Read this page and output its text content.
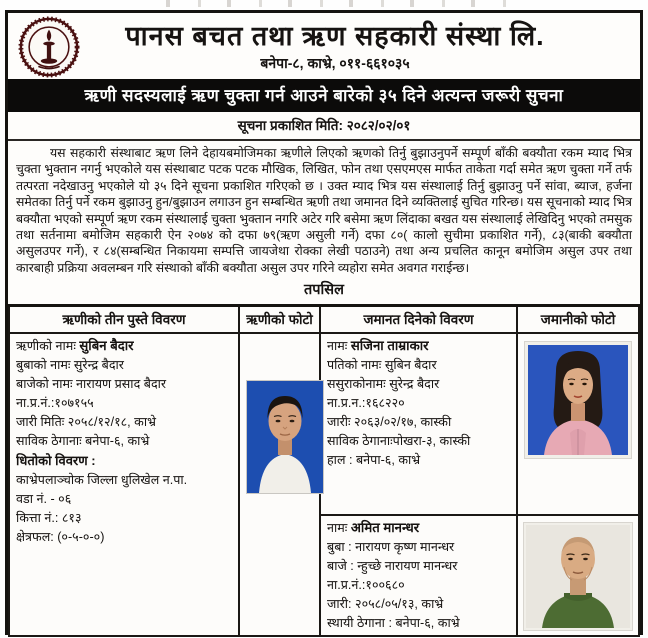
पानस बचत तथा ऋण सहकारी संस्था लि.
बनेपा-८, काभ्रे, ०११-६६१०३५
ऋणी सदस्यलाई ऋण चुक्ता गर्न आउने बारेको ३५ दिने अत्यन्त जरूरी सुचना
सूचना प्रकाशित मिति: २०८२/०२/०१
यस सहकारी संस्थाबाट ऋण लिने देहायबमोजिमका ऋणीले लिएको ऋणको तिर्नु बुझाउनुपर्ने सम्पूर्ण बाँकी बक्यौता रकम म्याद भित्र चुक्ता भुक्तान नगर्नु भएकोले यस संस्थाबाट पटक पटक मौखिक, लिखित, फोन तथा एसएमएस मार्फत ताकेता गर्दा समेत ऋण चुक्ता गर्ने तर्फ तत्परता नदेखाउनु भएकोले यो ३५ दिने सूचना प्रकाशित गरिएको छ । उक्त म्याद भित्र यस संस्थालाई तिर्नु बुझाउनु पर्ने सांवा, ब्याज, हर्जना समेतका तिर्नु पर्ने रकम बुझाउनु हुन/बुझाउन लगाउन हुन सम्बन्धित ऋणी तथा जमानत दिने व्यक्तिलाई सुचित गरिन्छ। यस सूचनाको म्याद भित्र बक्यौता भएको सम्पूर्ण ऋण रकम संस्थालाई चुक्ता भुक्तान नगरि अटेर गरि बसेमा ऋण लिंदाका बखत यस संस्थालाई लेखिदिनु भएको तमसुक तथा सर्तनामा बमोजिम सहकारी ऐन २०७४ को दफा ७९(ऋण असुली गर्ने) दफा ८०( कालो सुचीमा प्रकाशित गर्ने), ८३(बाकी बक्यौता असुलउपर गर्ने), र ८४(सम्बन्धित निकायमा सम्पत्ति जायजेथा रोक्का लेखी पठाउने) तथा अन्य प्रचलित कानून बमोजिम असुल उपर तथा कारबाही प्रक्रिया अवलम्बन गरि संस्थाको बाँकी बक्यौता असुल उपर गरिने व्यहोरा समेत अवगत गराईन्छ।
तपसिल
ऋणीको तीन पुस्ते विवरण	ऋणीको फोटो	जमानत दिनेको विवरण	जमानीको फोटो

ऋणीको नामः सुबिन बैदार
बुबाको नामः सुरेन्द्र बैदार
बाजेको नामः नारायण प्रसाद बैदार
ना.प्र.नं.:१०७१५५
जारी मितिः २०५८/१२/१८, काभ्रे
साविक ठेगानाः बनेपा-६, काभ्रे
धितोको विवरण :
काभ्रेपलाञ्चोक जिल्ला धुलिखेल न.पा.
वडा नं. - ०६
कित्ता नं.: ८१३
क्षेत्रफल: (०-५-०-०)

नामः सजिना ताम्राकार
पतिको नामः सुबिन बैदार
ससुराकोनामः सुरेन्द्र बैदार
ना.प्र.न.:१६८२२०
जारीः २०६३/०२/१७, कास्की
साविक ठेगानाःपोखरा-३, कास्की
हाल : बनेपा-६, काभ्रे

नामः अमित मानन्धर
बुबा : नारायण कृष्ण मानन्धर
बाजे : न्हुच्छे नारायण मानन्धर
ना.प्र.नं.:१००६८०
जारी: २०५८/०५/१३, काभ्रे
स्थायी ठेगाना : बनेपा-६, काभ्रे
